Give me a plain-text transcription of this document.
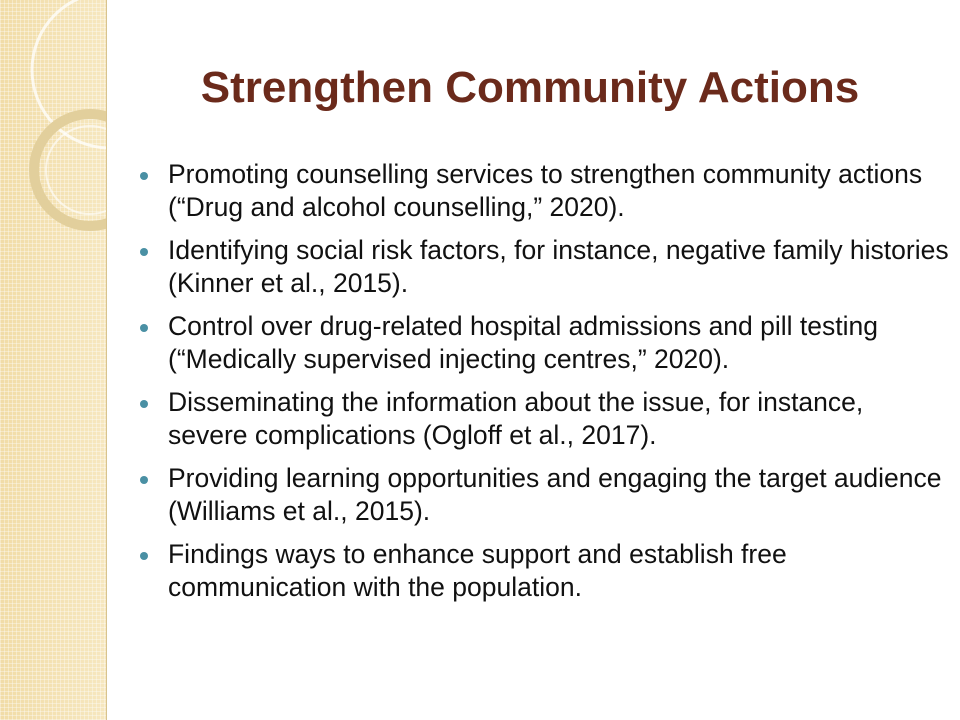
Strengthen Community Actions
Promoting counselling services to strengthen community actions (“Drug and alcohol counselling,” 2020).
Identifying social risk factors, for instance, negative family histories (Kinner et al., 2015).
Control over drug-related hospital admissions and pill testing (“Medically supervised injecting centres,” 2020).
Disseminating the information about the issue, for instance, severe complications (Ogloff et al., 2017).
Providing learning opportunities and engaging the target audience (Williams et al., 2015).
Findings ways to enhance support and establish free communication with the population.
